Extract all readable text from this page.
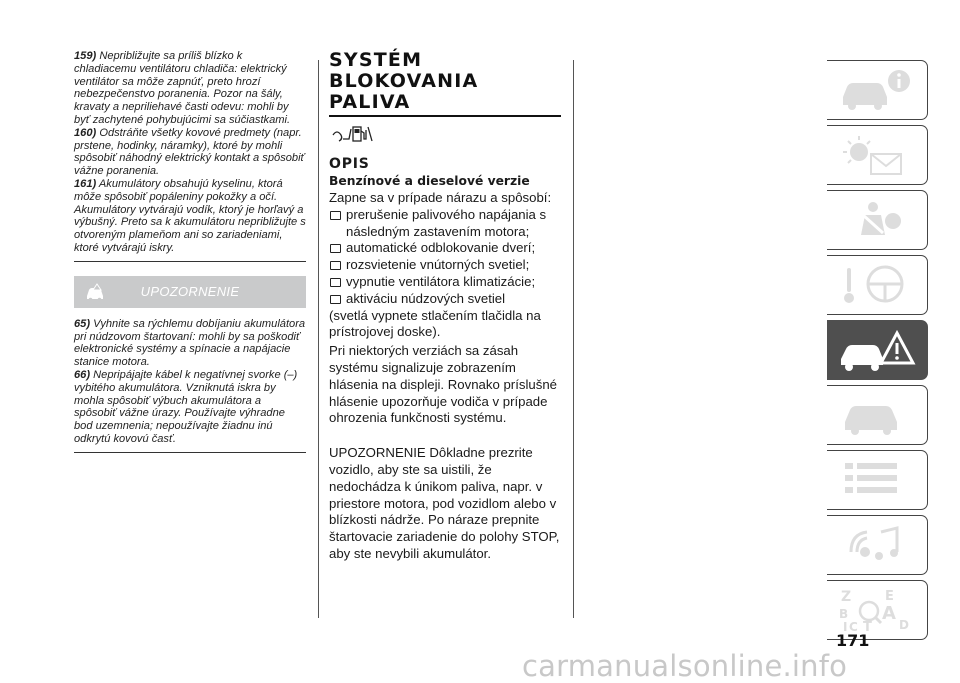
159) Nepribližujte sa príliš blízko k chladiacemu ventilátoru chladiča: elektrický ventilátor sa môže zapnúť, preto hrozí nebezpečenstvo poranenia. Pozor na šály, kravaty a nepriliehavé časti odevu: mohli by byť zachytené pohybujúcimi sa súčiastkami.

160) Odstráňte všetky kovové predmety (napr. prstene, hodinky, náramky), ktoré by mohli spôsobiť náhodný elektrický kontakt a spôsobiť vážne poranenia.

161) Akumulátory obsahujú kyselinu, ktorá môže spôsobiť popáleniny pokožky a očí. Akumulátory vytvárajú vodík, ktorý je horľavý a výbušný. Preto sa k akumulátoru nepribližujte s otvoreným plameňom ani so zariadeniami, ktoré vytvárajú iskry.

UPOZORNENIE

65) Vyhnite sa rýchlemu dobíjaniu akumulátora pri núdzovom štartovaní: mohli by sa poškodiť elektronické systémy a spínacie a napájacie stanice motora.

66) Nepripájajte kábel k negatívnej svorke (–) vybitého akumulátora. Vzniknutá iskra by mohla spôsobiť výbuch akumulátora a spôsobiť vážne úrazy. Používajte výhradne bod uzemnenia; nepoužívajte žiadnu inú odkrytú kovovú časť.

SYSTÉM
BLOKOVANIA
PALIVA
OPIS
Benzínové a dieselové verzie

Zapne sa v prípade nárazu a spôsobí:

prerušenie palivového napájania s následným zastavením motora;
automatické odblokovanie dverí;
rozsvietenie vnútorných svetiel;
vypnutie ventilátora klimatizácie;
aktiváciu núdzových svetiel

(svetlá vypnete stlačením tlačidla na prístrojovej doske).

Pri niektorých verziách sa zásah systému signalizuje zobrazením hlásenia na displeji. Rovnako príslušné hlásenie upozorňuje vodiča v prípade ohrozenia funkčnosti systému.

UPOZORNENIE Dôkladne prezrite vozidlo, aby ste sa uistili, že nedochádza k únikom paliva, napr. v priestore motora, pod vozidlom alebo v blízkosti nádrže. Po náraze prepnite štartovacie zariadenie do polohy STOP, aby ste nevybili akumulátor.

Z	E
B A
C T D
I
171
carmanualsonline.info
